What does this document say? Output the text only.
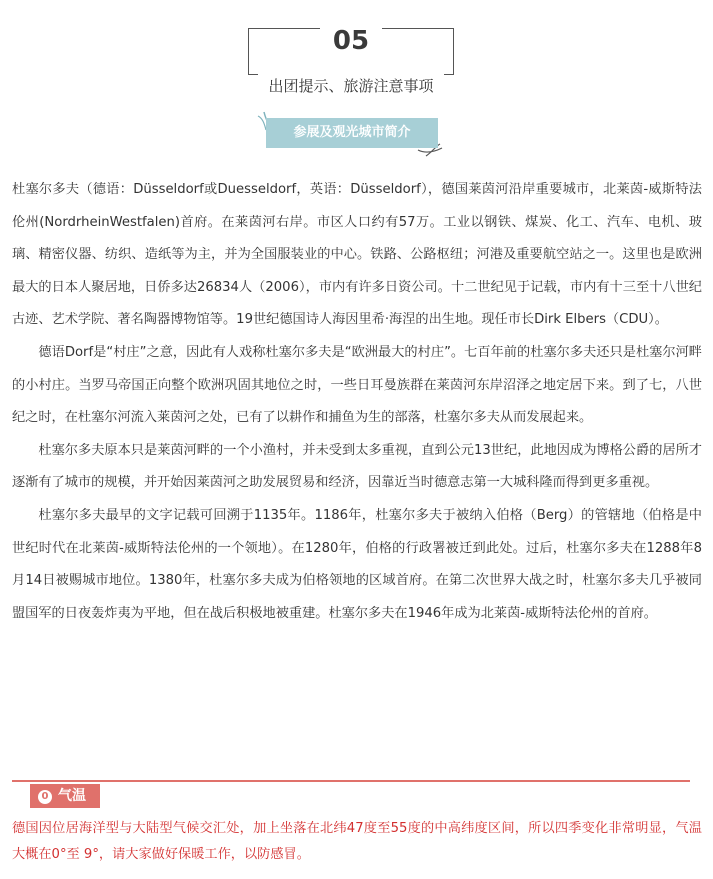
05
出团提示、旅游注意事项
参展及观光城市简介

杜塞尔多夫（德语：Düsseldorf或Duesseldorf，英语：Düsseldorf），德国莱茵河沿岸重要城市，北莱茵-威斯特法伦州(NordrheinWestfalen)首府。在莱茵河右岸。市区人口约有57万。工业以钢铁、煤炭、化工、汽车、电机、玻璃、精密仪器、纺织、造纸等为主，并为全国服装业的中心。铁路、公路枢纽；河港及重要航空站之一。这里也是欧洲最大的日本人聚居地，日侨多达26834人（2006），市内有许多日资公司。十二世纪见于记载，市内有十三至十八世纪古迹、艺术学院、著名陶器博物馆等。19世纪德国诗人海因里希·海涅的出生地。现任市长Dirk Elbers（CDU）。

德语Dorf是“村庄”之意，因此有人戏称杜塞尔多夫是“欧洲最大的村庄”。七百年前的杜塞尔多夫还只是杜塞尔河畔的小村庄。当罗马帝国正向整个欧洲巩固其地位之时，一些日耳曼族群在莱茵河东岸沼泽之地定居下来。到了七，八世纪之时，在杜塞尔河流入莱茵河之处，已有了以耕作和捕鱼为生的部落，杜塞尔多夫从而发展起来。

杜塞尔多夫原本只是莱茵河畔的一个小渔村，并未受到太多重视，直到公元13世纪，此地因成为博格公爵的居所才逐渐有了城市的规模，并开始因莱茵河之助发展贸易和经济，因靠近当时德意志第一大城科隆而得到更多重视。

杜塞尔多夫最早的文字记载可回溯于1135年。1186年，杜塞尔多夫于被纳入伯格（Berg）的管辖地（伯格是中世纪时代在北莱茵-威斯特法伦州的一个领地）。在1280年，伯格的行政署被迁到此处。过后，杜塞尔多夫在1288年8月14日被赐城市地位。1380年，杜塞尔多夫成为伯格领地的区域首府。在第二次世界大战之时，杜塞尔多夫几乎被同盟国军的日夜轰炸夷为平地，但在战后积极地被重建。杜塞尔多夫在1946年成为北莱茵-威斯特法伦州的首府。

0 气温
德国因位居海洋型与大陆型气候交汇处，加上坐落在北纬47度至55度的中高纬度区间，所以四季变化非常明显，气温大概在0°至 9°，请大家做好保暖工作，以防感冒。
